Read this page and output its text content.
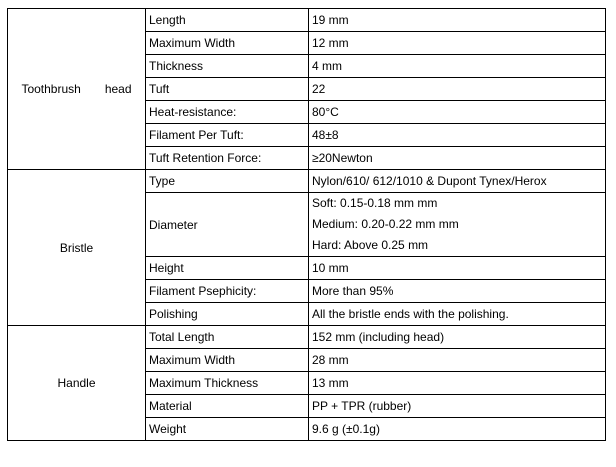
Toothbrush head	Length	19 mm
	Maximum Width	12 mm
	Thickness	4 mm
	Tuft	22
	Heat-resistance:	80°C
	Filament Per Tuft:	48±8
	Tuft Retention Force:	≥20Newton
Bristle	Type	Nylon/610/ 612/1010 & Dupont Tynex/Herox
	Diameter	Soft: 0.15-0.18 mm mm
Medium: 0.20-0.22 mm mm
Hard: Above 0.25 mm

	Height	10 mm
	Filament Psephicity:	More than 95%
	Polishing	All the bristle ends with the polishing.
Handle	Total Length	152 mm (including head)
	Maximum Width	28 mm
	Maximum Thickness	13 mm
	Material	PP + TPR (rubber)
	Weight	9.6 g (±0.1g)
